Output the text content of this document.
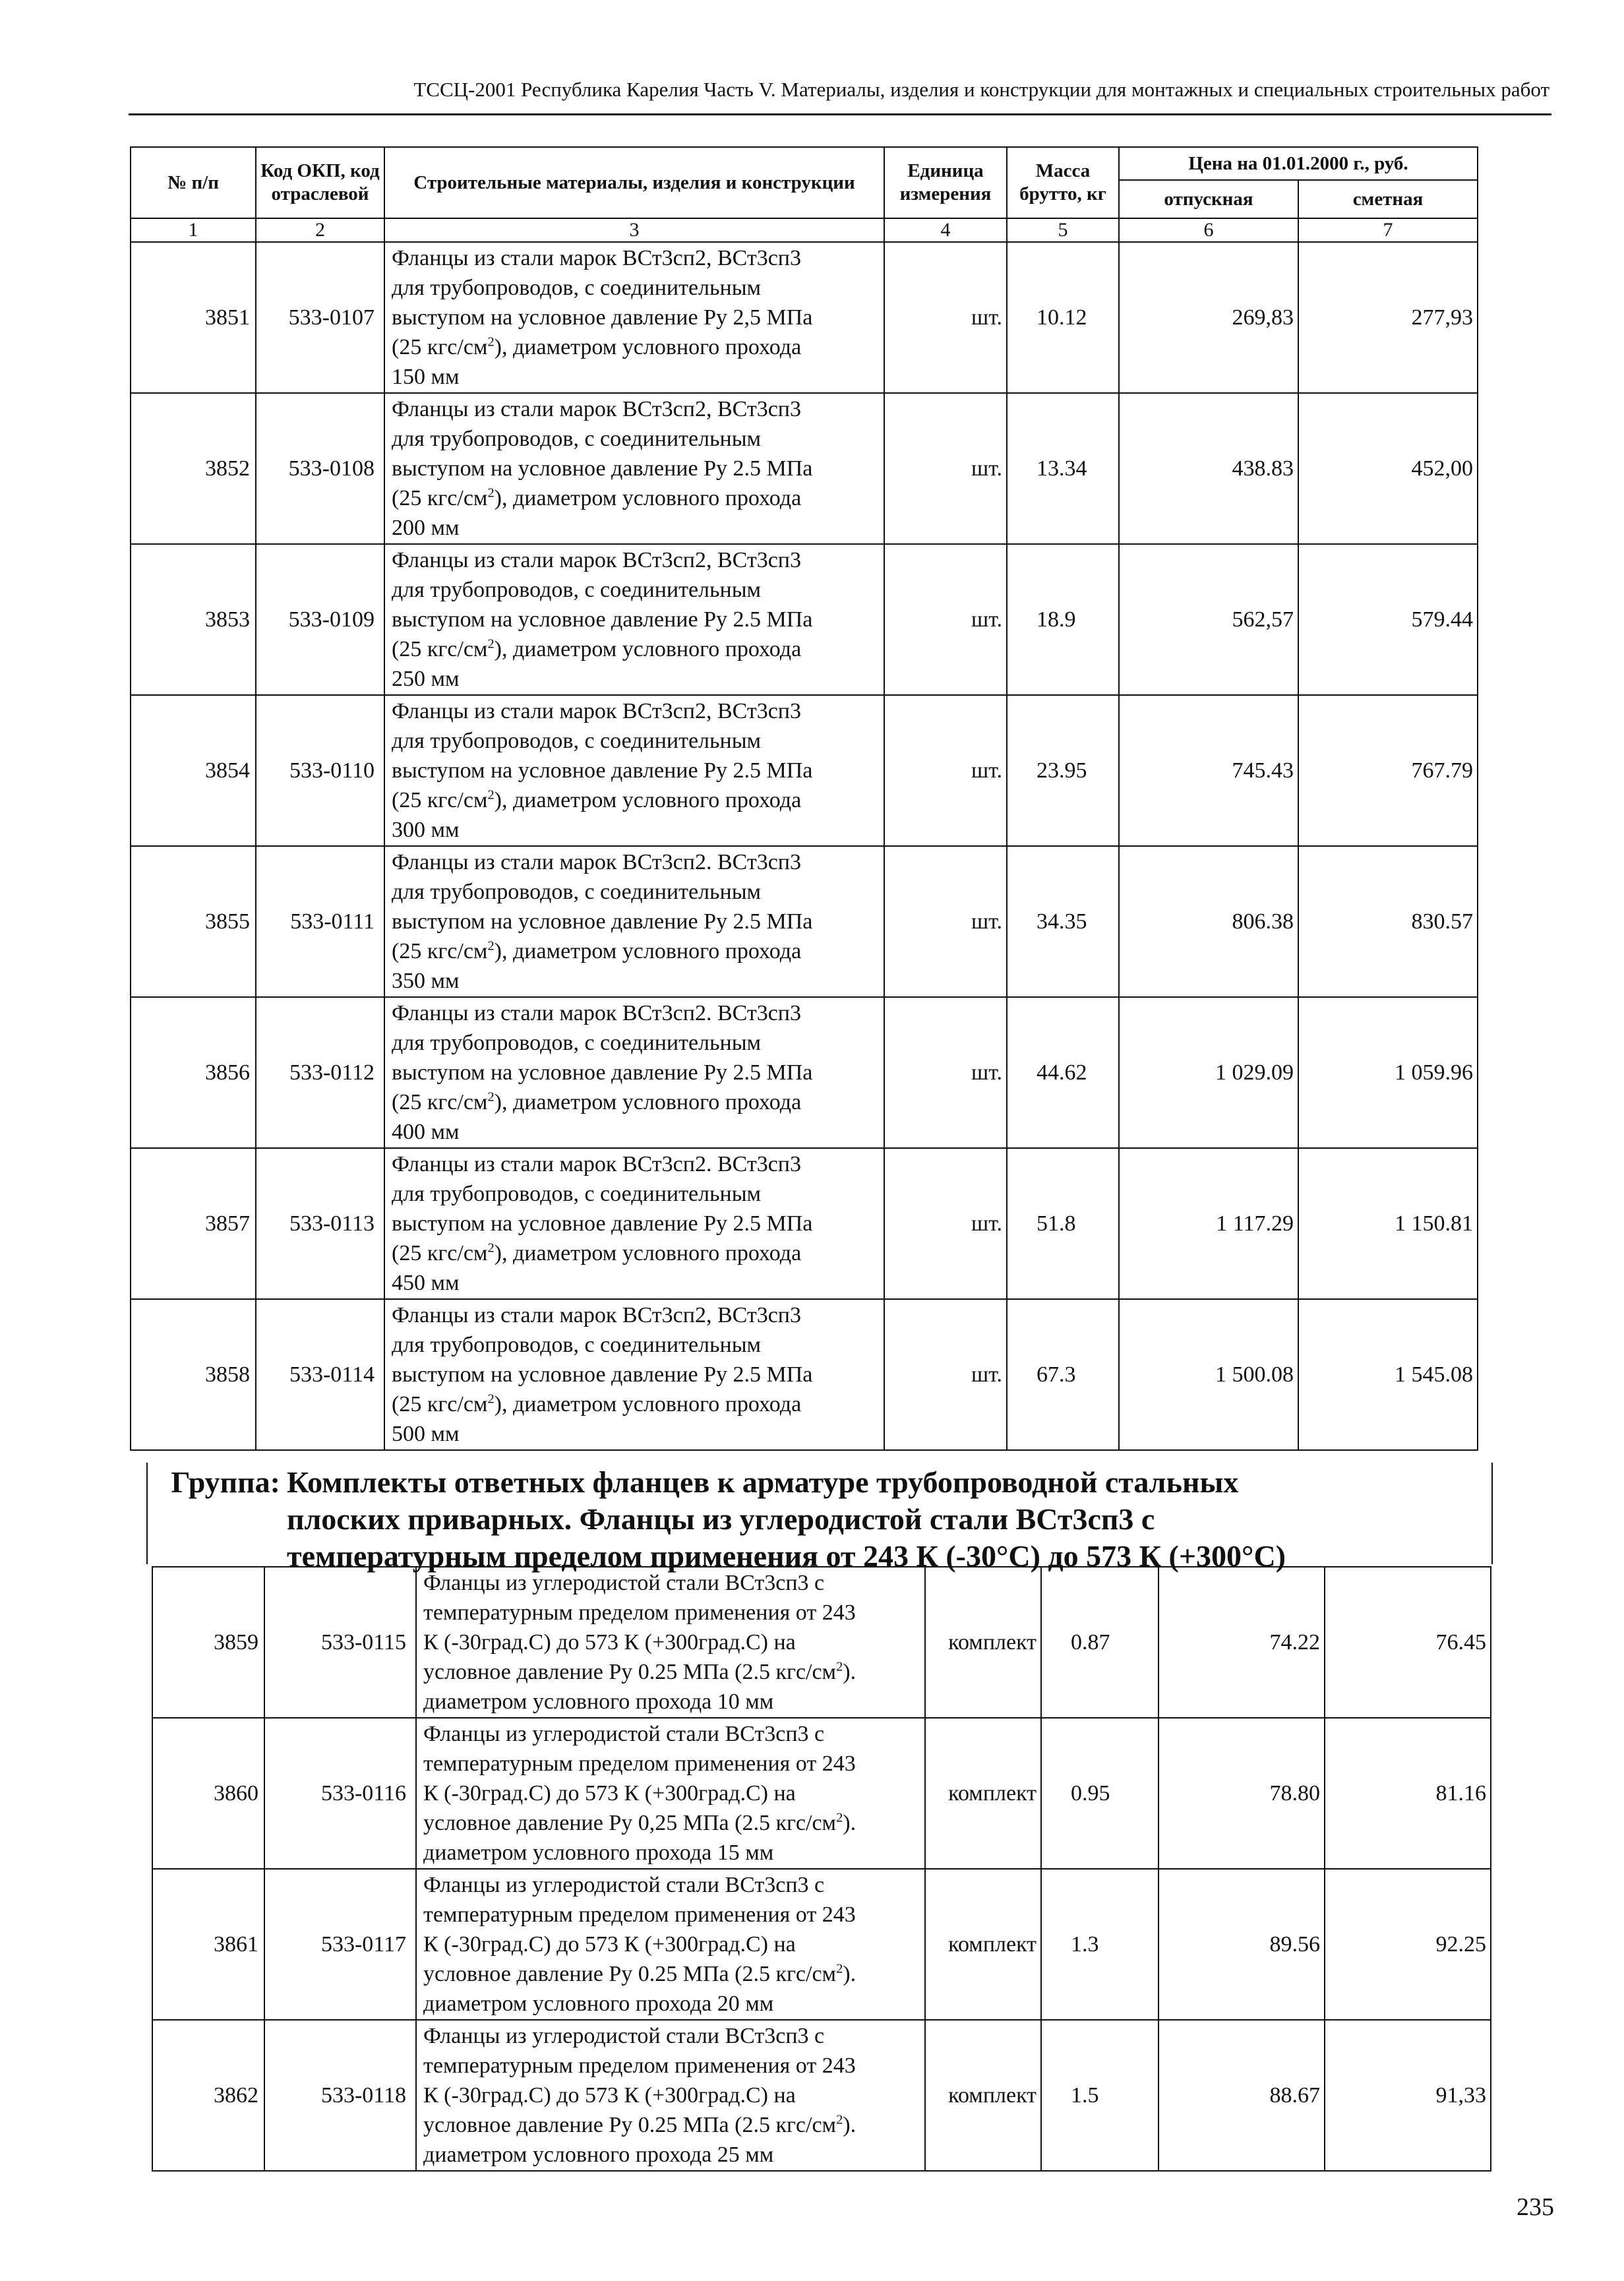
ТССЦ-2001 Республика Карелия Часть V. Материалы, изделия и конструкции для монтажных и специальных строительных работ
№ п/п	Код ОКП, код отраслевой	Строительные материалы, изделия и конструкции	Единица измерения	Масса брутто, кг	Цена на 01.01.2000 г., руб.	
					отпускная	сметная
1	2	3	4	5	6	7
3851	533-0107	Фланцы из стали марок ВСт3сп2, ВСт3сп3
для трубопроводов, с соединительным
выступом на условное давление Ру 2,5 МПа
(25 кгс/$см^2$), диаметром условного прохода
150 мм	шт.	10.12	269,83	277,93
3852	533-0108	Фланцы из стали марок ВСт3сп2, ВСт3сп3
для трубопроводов, с соединительным
выступом на условное давление Ру 2.5 МПа
(25 кгс/$см^2$), диаметром условного прохода
200 мм	шт.	13.34	438.83	452,00
3853	533-0109	Фланцы из стали марок ВСт3сп2, ВСт3сп3
для трубопроводов, с соединительным
выступом на условное давление Ру 2.5 МПа
(25 кгс/$см^2$), диаметром условного прохода
250 мм	шт.	18.9	562,57	579.44
3854	533-0110	Фланцы из стали марок ВСт3сп2, ВСт3сп3
для трубопроводов, с соединительным
выступом на условное давление Ру 2.5 МПа
(25 кгс/$см^2$), диаметром условного прохода
300 мм	шт.	23.95	745.43	767.79
3855	533-0111	Фланцы из стали марок ВСт3сп2. ВСт3сп3
для трубопроводов, с соединительным
выступом на условное давление Ру 2.5 МПа
(25 кгс/$см^2$), диаметром условного прохода
350 мм	шт.	34.35	806.38	830.57
3856	533-0112	Фланцы из стали марок ВСт3сп2. ВСт3сп3
для трубопроводов, с соединительным
выступом на условное давление Ру 2.5 МПа
(25 кгс/$см^2$), диаметром условного прохода
400 мм	шт.	44.62	1 029.09	1 059.96
3857	533-0113	Фланцы из стали марок ВСт3сп2. ВСт3сп3
для трубопроводов, с соединительным
выступом на условное давление Ру 2.5 МПа
(25 кгс/$см^2$), диаметром условного прохода
450 мм	шт.	51.8	1 117.29	1 150.81
3858	533-0114	Фланцы из стали марок ВСт3сп2, ВСт3сп3
для трубопроводов, с соединительным
выступом на условное давление Ру 2.5 МПа
(25 кгс/$см^2$), диаметром условного прохода
500 мм	шт.	67.3	1 500.08	1 545.08
Группа: Комплекты ответных фланцев к арматуре трубопроводной стальных
плоских приварных. Фланцы из углеродистой стали ВСт3сп3 с
температурным пределом применения от 243 К (-30°С) до 573 К (+300°С)
3859	533-0115	Фланцы из углеродистой стали ВСт3сп3 с
температурным пределом применения от 243
К (-30град.С) до 573 К (+300град.С) на
условное давление Ру 0.25 МПа (2.5 кгс/$см^2$).
диаметром условного прохода 10 мм	комплект	0.87	74.22	76.45
3860	533-0116	Фланцы из углеродистой стали ВСт3сп3 с
температурным пределом применения от 243
К (-30град.С) до 573 К (+300град.С) на
условное давление Ру 0,25 МПа (2.5 кгс/$см^2$).
диаметром условного прохода 15 мм	комплект	0.95	78.80	81.16
3861	533-0117	Фланцы из углеродистой стали ВСт3сп3 с
температурным пределом применения от 243
К (-30град.С) до 573 К (+300град.С) на
условное давление Ру 0.25 МПа (2.5 кгс/$см^2$).
диаметром условного прохода 20 мм	комплект	1.3	89.56	92.25
3862	533-0118	Фланцы из углеродистой стали ВСт3сп3 с
температурным пределом применения от 243
К (-30град.С) до 573 К (+300град.С) на
условное давление Ру 0.25 МПа (2.5 кгс/$см^2$).
диаметром условного прохода 25 мм	комплект	1.5	88.67	91,33
235
